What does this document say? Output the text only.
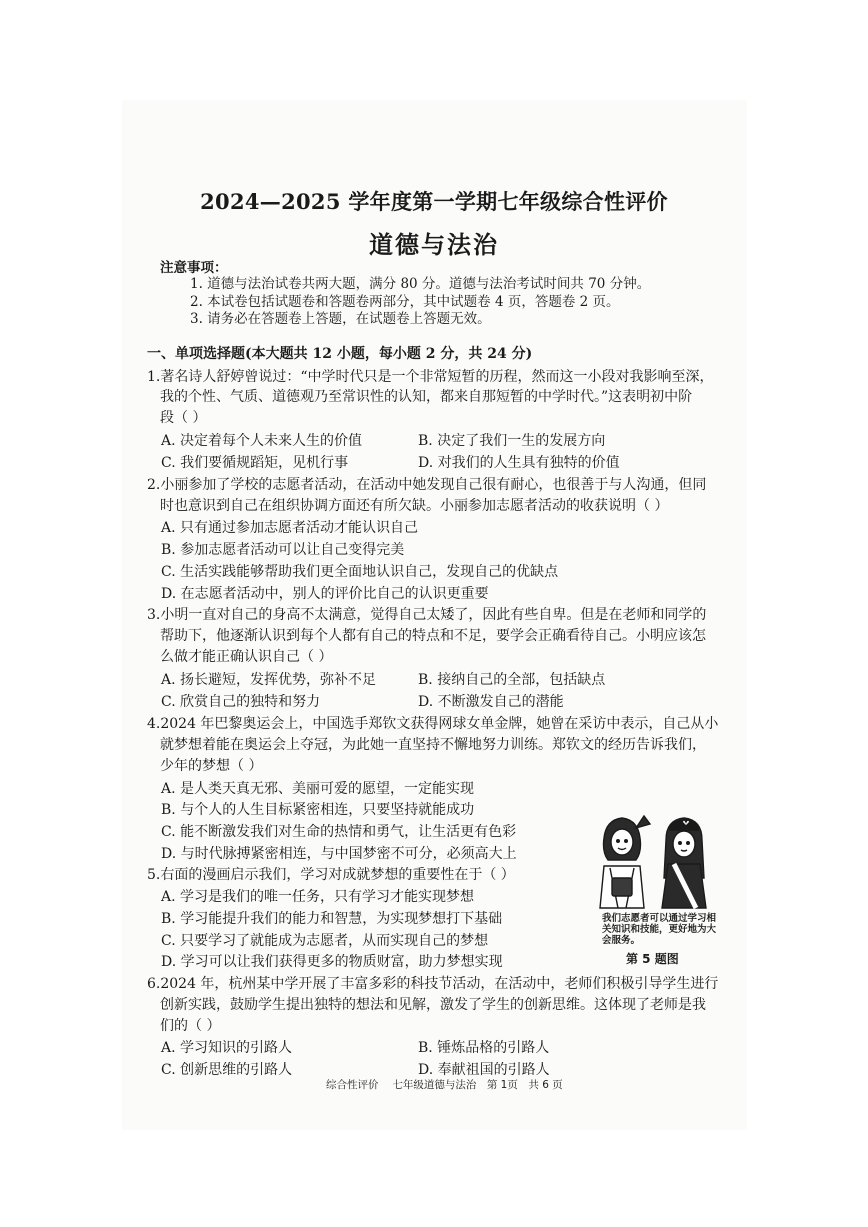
2024—2025 学年度第一学期七年级综合性评价
道德与法治
注意事项：
1. 道德与法治试卷共两大题，满分 80 分。道德与法治考试时间共 70 分钟。
2. 本试卷包括试题卷和答题卷两部分，其中试题卷 4 页，答题卷 2 页。
3. 请务必在答题卷上答题，在试题卷上答题无效。
一、单项选择题(本大题共 12 小题，每小题 2 分，共 24 分)
1.著名诗人舒婷曾说过：“中学时代只是一个非常短暂的历程，然而这一小段对我影响至深，
我的个性、气质、道德观乃至常识性的认知，都来自那短暂的中学时代。”这表明初中阶
段（ ）
A. 决定着每个人未来人生的价值	B. 决定了我们一生的发展方向
C. 我们要循规蹈矩，见机行事	D. 对我们的人生具有独特的价值
2.小丽参加了学校的志愿者活动，在活动中她发现自己很有耐心，也很善于与人沟通，但同
时也意识到自己在组织协调方面还有所欠缺。小丽参加志愿者活动的收获说明（ ）
A. 只有通过参加志愿者活动才能认识自己
B. 参加志愿者活动可以让自己变得完美
C. 生活实践能够帮助我们更全面地认识自己，发现自己的优缺点
D. 在志愿者活动中，别人的评价比自己的认识更重要
3.小明一直对自己的身高不太满意，觉得自己太矮了，因此有些自卑。但是在老师和同学的
帮助下，他逐渐认识到每个人都有自己的特点和不足，要学会正确看待自己。小明应该怎
么做才能正确认识自己（ ）
A. 扬长避短，发挥优势，弥补不足	B. 接纳自己的全部，包括缺点
C. 欣赏自己的独特和努力	D. 不断激发自己的潜能
4.2024 年巴黎奥运会上，中国选手郑钦文获得网球女单金牌，她曾在采访中表示，自己从小
就梦想着能在奥运会上夺冠，为此她一直坚持不懈地努力训练。郑钦文的经历告诉我们，
少年的梦想（ ）
A. 是人类天真无邪、美丽可爱的愿望，一定能实现
B. 与个人的人生目标紧密相连，只要坚持就能成功
C. 能不断激发我们对生命的热情和勇气，让生活更有色彩
D. 与时代脉搏紧密相连，与中国梦密不可分，必须高大上
5.右面的漫画启示我们，学习对成就梦想的重要性在于（ ）
A. 学习是我们的唯一任务，只有学习才能实现梦想
B. 学习能提升我们的能力和智慧，为实现梦想打下基础
C. 只要学习了就能成为志愿者，从而实现自己的梦想
D. 学习可以让我们获得更多的物质财富，助力梦想实现
我们志愿者可以通过学习相关知识和技能，更好地为大会服务。
第 5 题图
6.2024 年，杭州某中学开展了丰富多彩的科技节活动，在活动中，老师们积极引导学生进行
创新实践，鼓励学生提出独特的想法和见解，激发了学生的创新思维。这体现了老师是我
们的（ ）
A. 学习知识的引路人	B. 锤炼品格的引路人
C. 创新思维的引路人	D. 奉献祖国的引路人
综合性评价　 七年级道德与法治　第 1页　共 6 页
